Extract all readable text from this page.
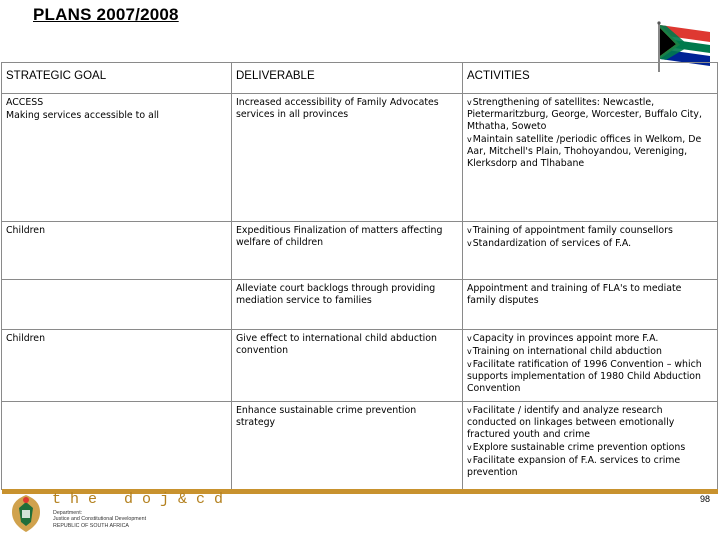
PLANS 2007/2008
STRATEGIC GOAL	DELIVERABLE	ACTIVITIES

ACCESS
Making services accessible to all	Increased accessibility of Family Advocates services in all provinces	vStrengthening of satellites: Newcastle, Pietermaritzburg, George, Worcester, Buffalo City, Mthatha, Soweto
vMaintain satellite /periodic offices in Welkom, De Aar, Mitchell's Plain, Thohoyandou, Vereniging, Klerksdorp and Tlhabane

Children	Expeditious Finalization of matters affecting welfare of children	vTraining of appointment family counsellors
vStandardization of services of F.A.

	Alleviate court backlogs through providing mediation service to families	Appointment and training of FLA's to mediate family disputes
Children	Give effect to international child abduction convention	vCapacity in provinces appoint more F.A.
vTraining on international child abduction
vFacilitate ratification of 1996 Convention – which supports implementation of 1980 Child Abduction Convention

	Enhance sustainable crime prevention strategy	vFacilitate / identify and analyze research conducted on linkages between emotionally fractured youth and crime
vExplore sustainable crime prevention options
vFacilitate expansion of F.A. services to crime prevention
the doj&cd
Department:
Justice and Constitutional Development
REPUBLIC OF SOUTH AFRICA
98
